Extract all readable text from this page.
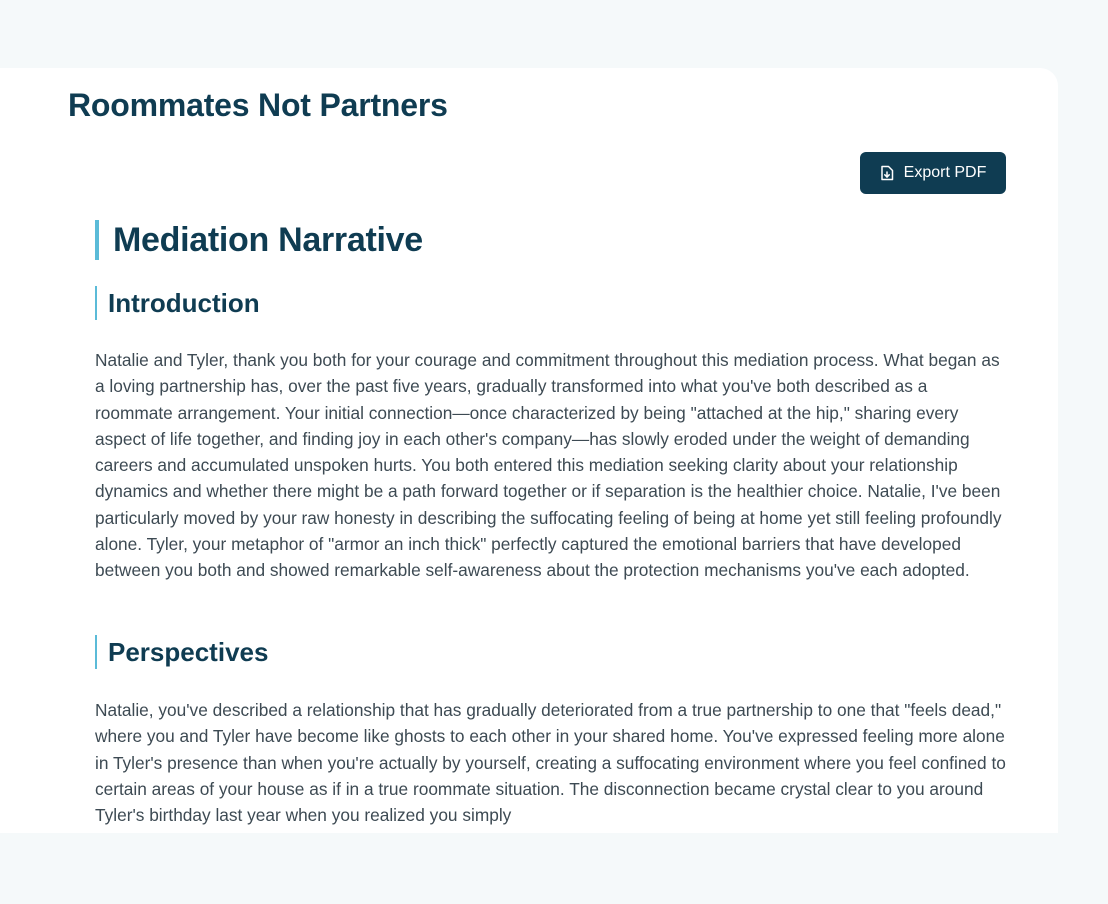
Roommates Not Partners
Export PDF
Mediation Narrative
Introduction

Natalie and Tyler, thank you both for your courage and commitment throughout this mediation process. What began as a loving partnership has, over the past five years, gradually transformed into what you've both described as a roommate arrangement. Your initial connection—once characterized by being "attached at the hip," sharing every aspect of life together, and finding joy in each other's company—has slowly eroded under the weight of demanding careers and accumulated unspoken hurts. You both entered this mediation seeking clarity about your relationship dynamics and whether there might be a path forward together or if separation is the healthier choice. Natalie, I've been particularly moved by your raw honesty in describing the suffocating feeling of being at home yet still feeling profoundly alone. Tyler, your metaphor of "armor an inch thick" perfectly captured the emotional barriers that have developed between you both and showed remarkable self-awareness about the protection mechanisms you've each adopted.

Perspectives

Natalie, you've described a relationship that has gradually deteriorated from a true partnership to one that "feels dead," where you and Tyler have become like ghosts to each other in your shared home. You've expressed feeling more alone in Tyler's presence than when you're actually by yourself, creating a suffocating environment where you feel confined to certain areas of your house as if in a true roommate situation. The disconnection became crystal clear to you around Tyler's birthday last year when you realized you simply
